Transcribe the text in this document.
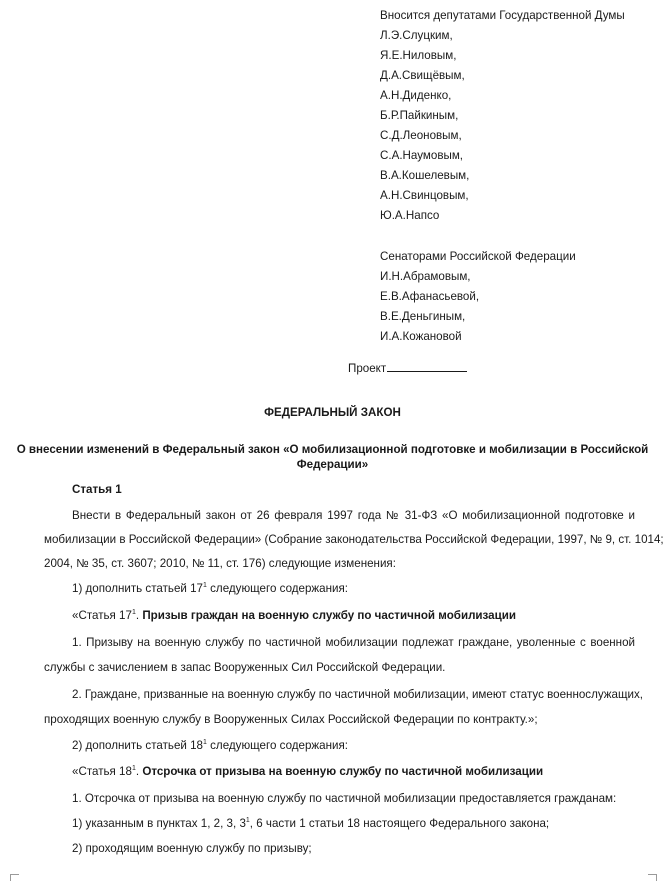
Вносится депутатами Государственной Думы
Л.Э.Слуцким,
Я.Е.Ниловым,
Д.А.Свищёвым,
А.Н.Диденко,
Б.Р.Пайкиным,
С.Д.Леоновым,
С.А.Наумовым,
В.А.Кошелевым,
А.Н.Свинцовым,
Ю.А.Напсо
Сенаторами Российской Федерации
И.Н.Абрамовым,
Е.В.Афанасьевой,
В.Е.Деньгиным,
И.А.Кожановой
Проект
ФЕДЕРАЛЬНЫЙ ЗАКОН
О внесении изменений в Федеральный закон «О мобилизационной подготовке и мобилизации в Российской
Федерации»
Статья 1
Внести в Федеральный закон от 26 февраля 1997 года № 31-ФЗ «О мобилизационной подготовке и
мобилизации в Российской Федерации» (Собрание законодательства Российской Федерации, 1997, № 9, ст. 1014;
2004, № 35, ст. 3607; 2010, № 11, ст. 176) следующие изменения:
1) дополнить статьей $17^1$ следующего содержания:
«Статья $17^1$. Призыв граждан на военную службу по частичной мобилизации
1. Призыву на военную службу по частичной мобилизации подлежат граждане, уволенные с военной
службы с зачислением в запас Вооруженных Сил Российской Федерации.
2. Граждане, призванные на военную службу по частичной мобилизации, имеют статус военнослужащих,
проходящих военную службу в Вооруженных Силах Российской Федерации по контракту.»;
2) дополнить статьей $18^1$ следующего содержания:
«Статья $18^1$. Отсрочка от призыва на военную службу по частичной мобилизации
1. Отсрочка от призыва на военную службу по частичной мобилизации предоставляется гражданам:
1) указанным в пунктах 1, 2, 3, $3^1$, 6 части 1 статьи 18 настоящего Федерального закона;
2) проходящим военную службу по призыву;
